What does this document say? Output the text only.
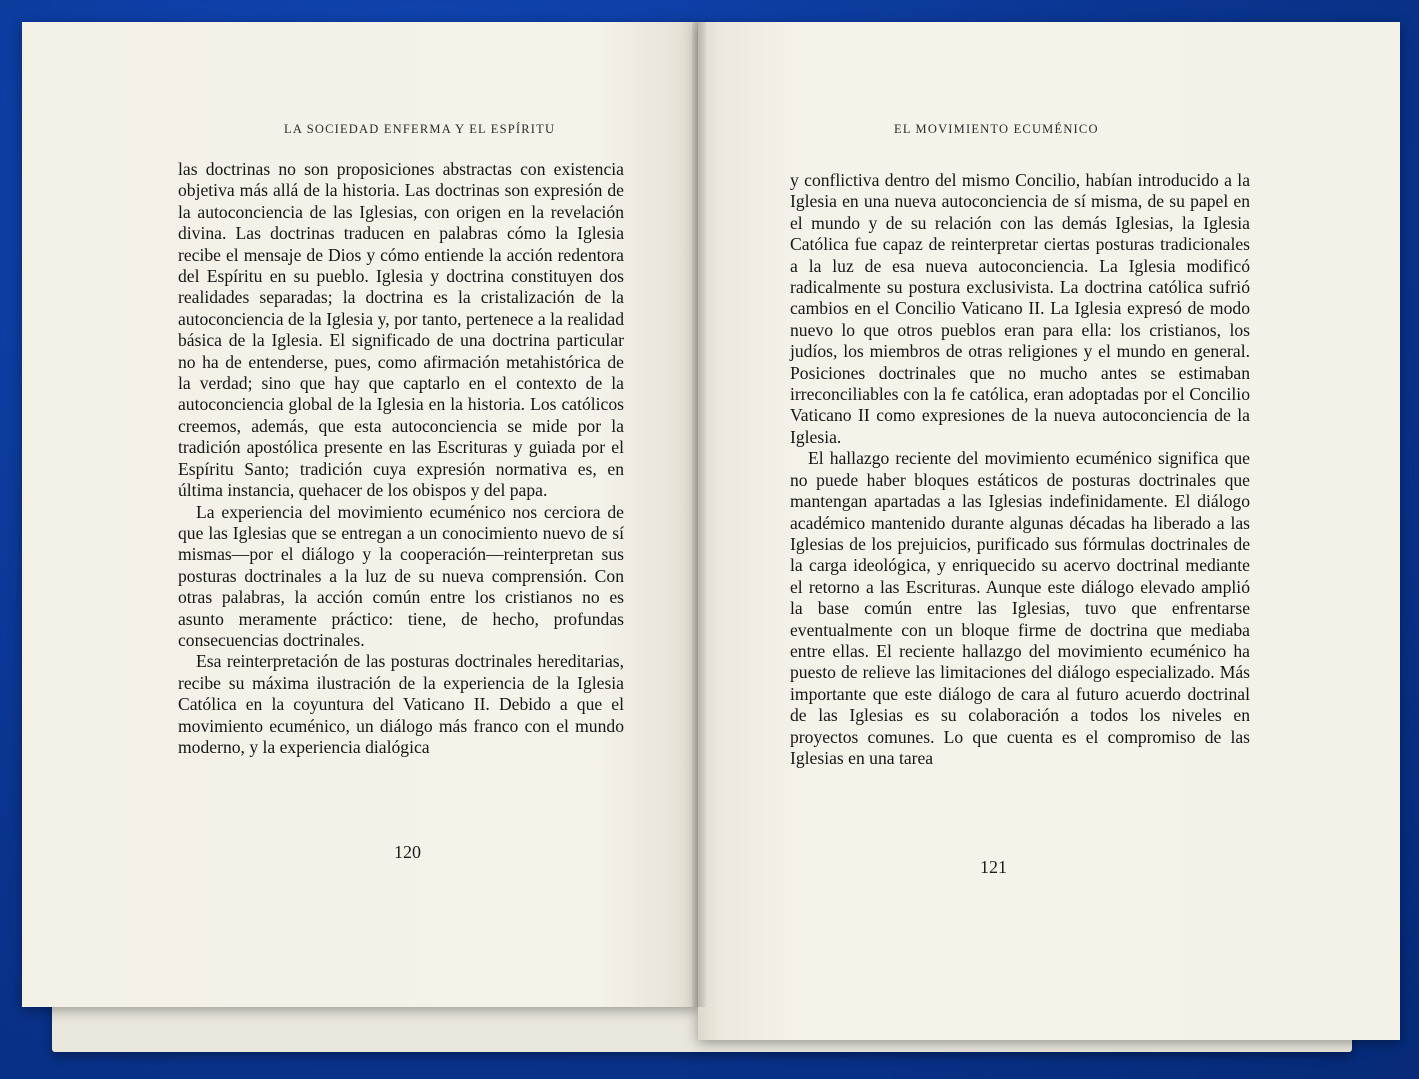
LA SOCIEDAD ENFERMA Y EL ESPÍRITU

las doctrinas no son proposiciones abstractas con existencia objetiva más allá de la historia. Las doctrinas son expresión de la autoconciencia de las Iglesias, con origen en la revelación divina. Las doctrinas traducen en palabras cómo la Iglesia recibe el mensaje de Dios y cómo entiende la acción redentora del Espíritu en su pueblo. Iglesia y doctrina constituyen dos realidades separadas; la doctrina es la cristalización de la autoconciencia de la Iglesia y, por tanto, pertenece a la realidad básica de la Iglesia. El significado de una doctrina particular no ha de entenderse, pues, como afirmación metahistórica de la verdad; sino que hay que captarlo en el contexto de la autoconciencia global de la Iglesia en la historia. Los católicos creemos, además, que esta autoconciencia se mide por la tradición apostólica presente en las Escrituras y guiada por el Espíritu Santo; tradición cuya expresión normativa es, en última instancia, quehacer de los obispos y del papa.

La experiencia del movimiento ecuménico nos cerciora de que las Iglesias que se entregan a un conocimiento nuevo de sí mismas—por el diálogo y la cooperación—reinterpretan sus posturas doctrinales a la luz de su nueva comprensión. Con otras palabras, la acción común entre los cristianos no es asunto meramente práctico: tiene, de hecho, profundas consecuencias doctrinales.

Esa reinterpretación de las posturas doctrinales hereditarias, recibe su máxima ilustración de la experiencia de la Iglesia Católica en la coyuntura del Vaticano II. Debido a que el movimiento ecuménico, un diálogo más franco con el mundo moderno, y la experiencia dialógica

120
EL MOVIMIENTO ECUMÉNICO

y conflictiva dentro del mismo Concilio, habían introducido a la Iglesia en una nueva autoconciencia de sí misma, de su papel en el mundo y de su relación con las demás Iglesias, la Iglesia Católica fue capaz de reinterpretar ciertas posturas tradicionales a la luz de esa nueva autoconciencia. La Iglesia modificó radicalmente su postura exclusivista. La doctrina católica sufrió cambios en el Concilio Vaticano II. La Iglesia expresó de modo nuevo lo que otros pueblos eran para ella: los cristianos, los judíos, los miembros de otras religiones y el mundo en general. Posiciones doctrinales que no mucho antes se estimaban irreconciliables con la fe católica, eran adoptadas por el Concilio Vaticano II como expresiones de la nueva autoconciencia de la Iglesia.

El hallazgo reciente del movimiento ecuménico significa que no puede haber bloques estáticos de posturas doctrinales que mantengan apartadas a las Iglesias indefinidamente. El diálogo académico mantenido durante algunas décadas ha liberado a las Iglesias de los prejuicios, purificado sus fórmulas doctrinales de la carga ideológica, y enriquecido su acervo doctrinal mediante el retorno a las Escrituras. Aunque este diálogo elevado amplió la base común entre las Iglesias, tuvo que enfrentarse eventualmente con un bloque firme de doctrina que mediaba entre ellas. El reciente hallazgo del movimiento ecuménico ha puesto de relieve las limitaciones del diálogo especializado. Más importante que este diálogo de cara al futuro acuerdo doctrinal de las Iglesias es su colaboración a todos los niveles en proyectos comunes. Lo que cuenta es el compromiso de las Iglesias en una tarea

121
